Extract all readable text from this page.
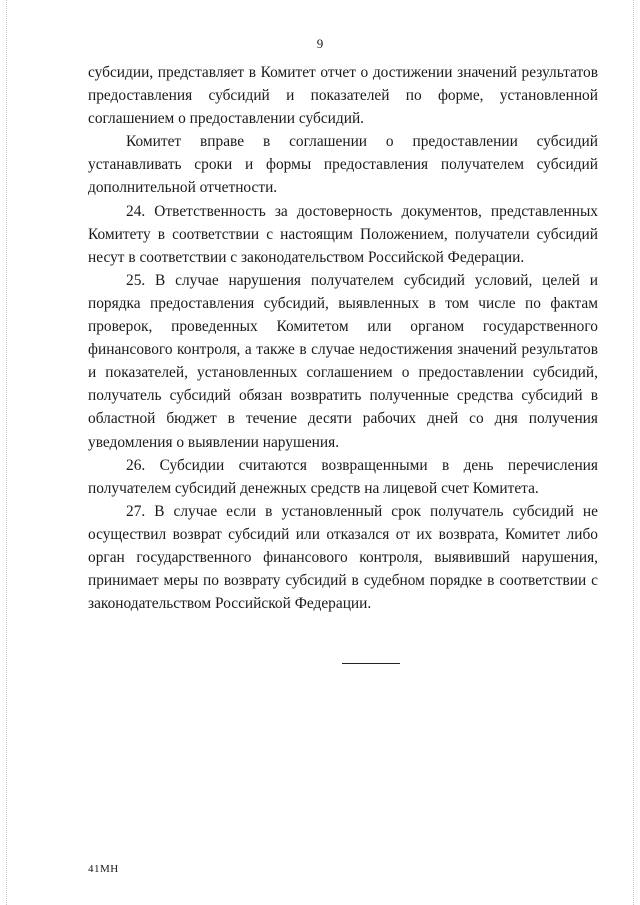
9

субсидии, представляет в Комитет отчет о достижении значений результатов предоставления субсидий и показателей по форме, установленной соглашением о предоставлении субсидий.

Комитет вправе в соглашении о предоставлении субсидий устанавливать сроки и формы предоставления получателем субсидий дополнительной отчетности.

24. Ответственность за достоверность документов, представленных Комитету в соответствии с настоящим Положением, получатели субсидий несут в соответствии с законодательством Российской Федерации.

25. В случае нарушения получателем субсидий условий, целей и порядка предоставления субсидий, выявленных в том числе по фактам проверок, проведенных Комитетом или органом государственного финансового контроля, а также в случае недостижения значений результатов и показателей, установленных соглашением о предоставлении субсидий, получатель субсидий обязан возвратить полученные средства субсидий в областной бюджет в течение десяти рабочих дней со дня получения уведомления о выявлении нарушения.

26. Субсидии считаются возвращенными в день перечисления получателем субсидий денежных средств на лицевой счет Комитета.

27. В случае если в установленный срок получатель субсидий не осуществил возврат субсидий или отказался от их возврата, Комитет либо орган государственного финансового контроля, выявивший нарушения, принимает меры по возврату субсидий в судебном порядке в соответствии с законодательством Российской Федерации.

41МН
